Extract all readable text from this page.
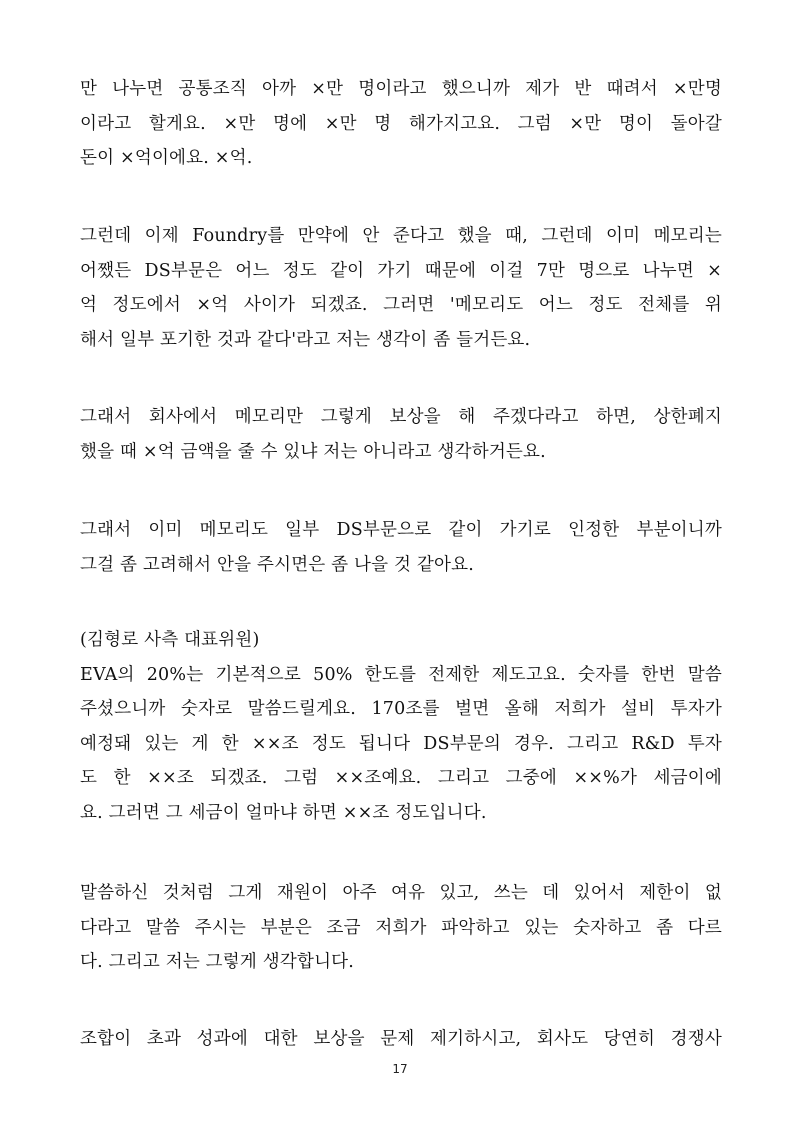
만 나누면 공통조직 아까 ×만 명이라고 했으니까 제가 반 때려서 ×만명
이라고 할게요. ×만 명에 ×만 명 해가지고요. 그럼 ×만 명이 돌아갈
돈이 ×억이에요. ×억.
그런데 이제 Foundry를 만약에 안 준다고 했을 때, 그런데 이미 메모리는
어쨌든 DS부문은 어느 정도 같이 가기 때문에 이걸 7만 명으로 나누면 ×
억 정도에서 ×억 사이가 되겠죠. 그러면 '메모리도 어느 정도 전체를 위
해서 일부 포기한 것과 같다'라고 저는 생각이 좀 들거든요.
그래서 회사에서 메모리만 그렇게 보상을 해 주겠다라고 하면, 상한폐지
했을 때 ×억 금액을 줄 수 있냐 저는 아니라고 생각하거든요.
그래서 이미 메모리도 일부 DS부문으로 같이 가기로 인정한 부분이니까
그걸 좀 고려해서 안을 주시면은 좀 나을 것 같아요.
(김형로 사측 대표위원)
EVA의 20%는 기본적으로 50% 한도를 전제한 제도고요. 숫자를 한번 말씀
주셨으니까 숫자로 말씀드릴게요. 170조를 벌면 올해 저희가 설비 투자가
예정돼 있는 게 한 ××조 정도 됩니다 DS부문의 경우. 그리고 R&D 투자
도 한 ××조 되겠죠. 그럼 ××조예요. 그리고 그중에 ××%가 세금이에
요. 그러면 그 세금이 얼마냐 하면 ××조 정도입니다.
말씀하신 것처럼 그게 재원이 아주 여유 있고, 쓰는 데 있어서 제한이 없
다라고 말씀 주시는 부분은 조금 저희가 파악하고 있는 숫자하고 좀 다르
다. 그리고 저는 그렇게 생각합니다.
조합이 초과 성과에 대한 보상을 문제 제기하시고, 회사도 당연히 경쟁사
17
